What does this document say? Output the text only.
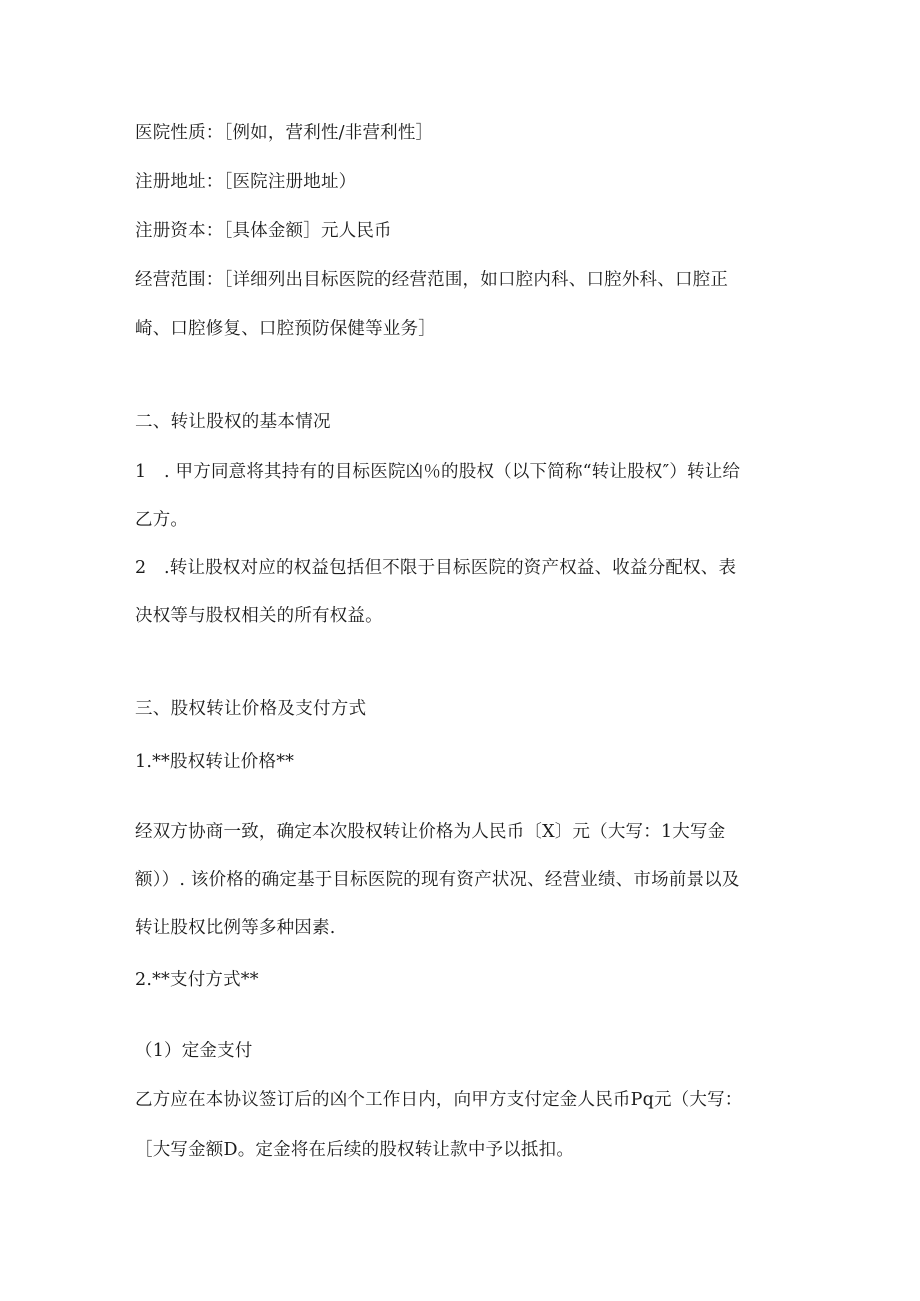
医院性质：［例如，营利性/非营利性］
注册地址：［医院注册地址）
注册资本：［具体金额］元人民币
经营范围：［详细列出目标医院的经营范围，如口腔内科、口腔外科、口腔正
崎、口腔修复、口腔预防保健等业务］
二、转让股权的基本情况
1　. 甲方同意将其持有的目标医院凶％的股权（以下简称“转让股权″）转让给
乙方。
2　.转让股权对应的权益包括但不限于目标医院的资产权益、收益分配权、表
决权等与股权相关的所有权益。
三、股权转让价格及支付方式
1.**股权转让价格**
经双方协商一致，确定本次股权转让价格为人民币〔X〕元（大写：1大写金
额））. 该价格的确定基于目标医院的现有资产状况、经营业绩、市场前景以及
转让股权比例等多种因素.
2.**支付方式**
（1）定金支付
乙方应在本协议签订后的凶个工作日内，向甲方支付定金人民币Pq元（大写：
［大写金额D。定金将在后续的股权转让款中予以抵扣。
